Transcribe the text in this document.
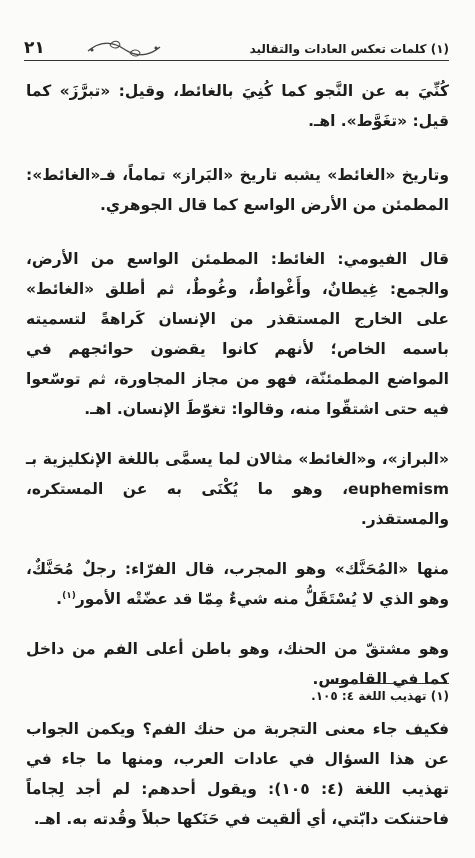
(١) كلمات تعكس العادات والتقاليد
٢١

كُنِّيَ به عن النَّجو كما كُنِيَ بالغائط، وقيل: «تبرَّزَ» كما قيل: «تغَوَّط». اهـ.

وتاريخ «الغائط» يشبه تاريخ «البَراز» تماماً، فـ«الغائط»: المطمئن من الأرض الواسع كما قال الجوهري.

قال الفيومي: الغائط: المطمئن الواسع من الأرض، والجمع: غِيطانٌ، وأَغْواطٌ، وغُوطٌ، ثم أطلق «الغائط» على الخارج المستقذر من الإنسان كَراهةً لتسميته باسمه الخاص؛ لأنهم كانوا يقضون حوائجهم في المواضع المطمئنّة، فهو من مجاز المجاورة، ثم توسّعوا فيه حتى اشتقّوا منه، وقالوا: تغوّطَ الإنسان. اهـ.

«البراز»، و«الغائط» مثالان لما يسمَّى باللغة الإنكليزية بـ euphemism، وهو ما يُكْنَى به عن المستكره، والمستقذر.

منها «المُحَنَّك» وهو المجرب، قال الفرّاء: رجلٌ مُحَنَّكٌ، وهو الذي لا يُسْتَقَلُّ منه شيءٌ مِمّا قد عضّتْه الأمور$^{(١)}$.

وهو مشتقّ من الحنك، وهو باطن أعلى الفم من داخل كما في القاموس.

فكيف جاء معنى التجربة من حنك الفم؟ ويكمن الجواب عن هذا السؤال في عادات العرب، ومنها ما جاء في تهذيب اللغة (٤: ١٠٥): ويقول أحدهم: لم أجد لِجاماً فاحتنكت دابّتي، أي ألقيت في حَنَكها حبلاً وقُدته به. اهـ.

(١) تهذيب اللغة ٤: ١٠٥.
